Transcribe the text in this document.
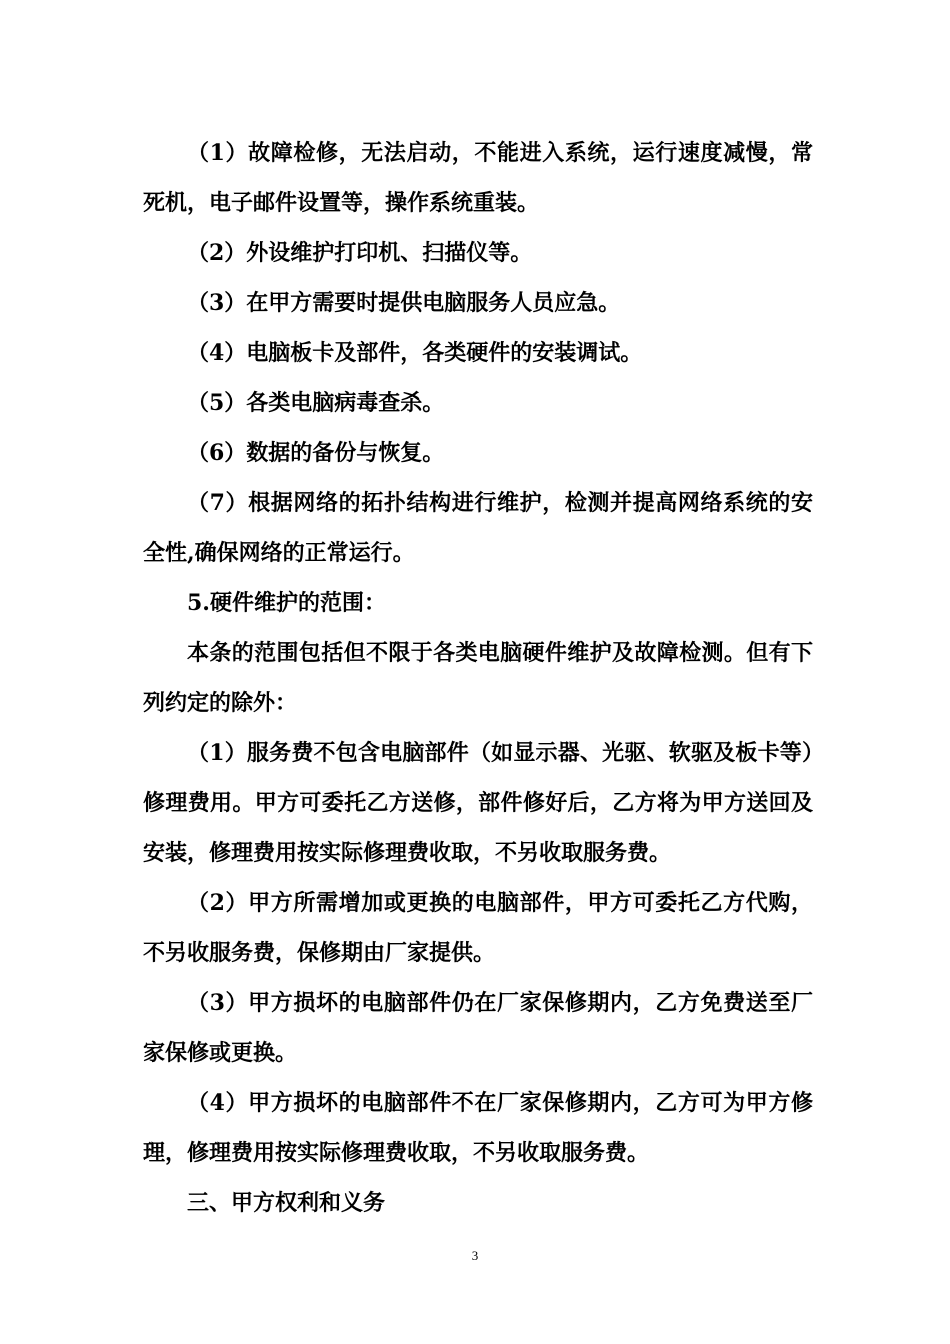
（1）故障检修，无法启动，不能进入系统，运行速度减慢，常死机，电子邮件设置等，操作系统重装。

（2）外设维护打印机、扫描仪等。

（3）在甲方需要时提供电脑服务人员应急。

（4）电脑板卡及部件，各类硬件的安装调试。

（5）各类电脑病毒查杀。

（6）数据的备份与恢复。

（7）根据网络的拓扑结构进行维护，检测并提高网络系统的安全性,确保网络的正常运行。

5.硬件维护的范围：

本条的范围包括但不限于各类电脑硬件维护及故障检测。但有下列约定的除外：

（1）服务费不包含电脑部件（如显示器、光驱、软驱及板卡等）修理费用。甲方可委托乙方送修，部件修好后，乙方将为甲方送回及安装，修理费用按实际修理费收取，不另收取服务费。

（2）甲方所需增加或更换的电脑部件，甲方可委托乙方代购，不另收服务费，保修期由厂家提供。

（3）甲方损坏的电脑部件仍在厂家保修期内，乙方免费送至厂家保修或更换。

（4）甲方损坏的电脑部件不在厂家保修期内，乙方可为甲方修理，修理费用按实际修理费收取，不另收取服务费。

三、甲方权利和义务

3
